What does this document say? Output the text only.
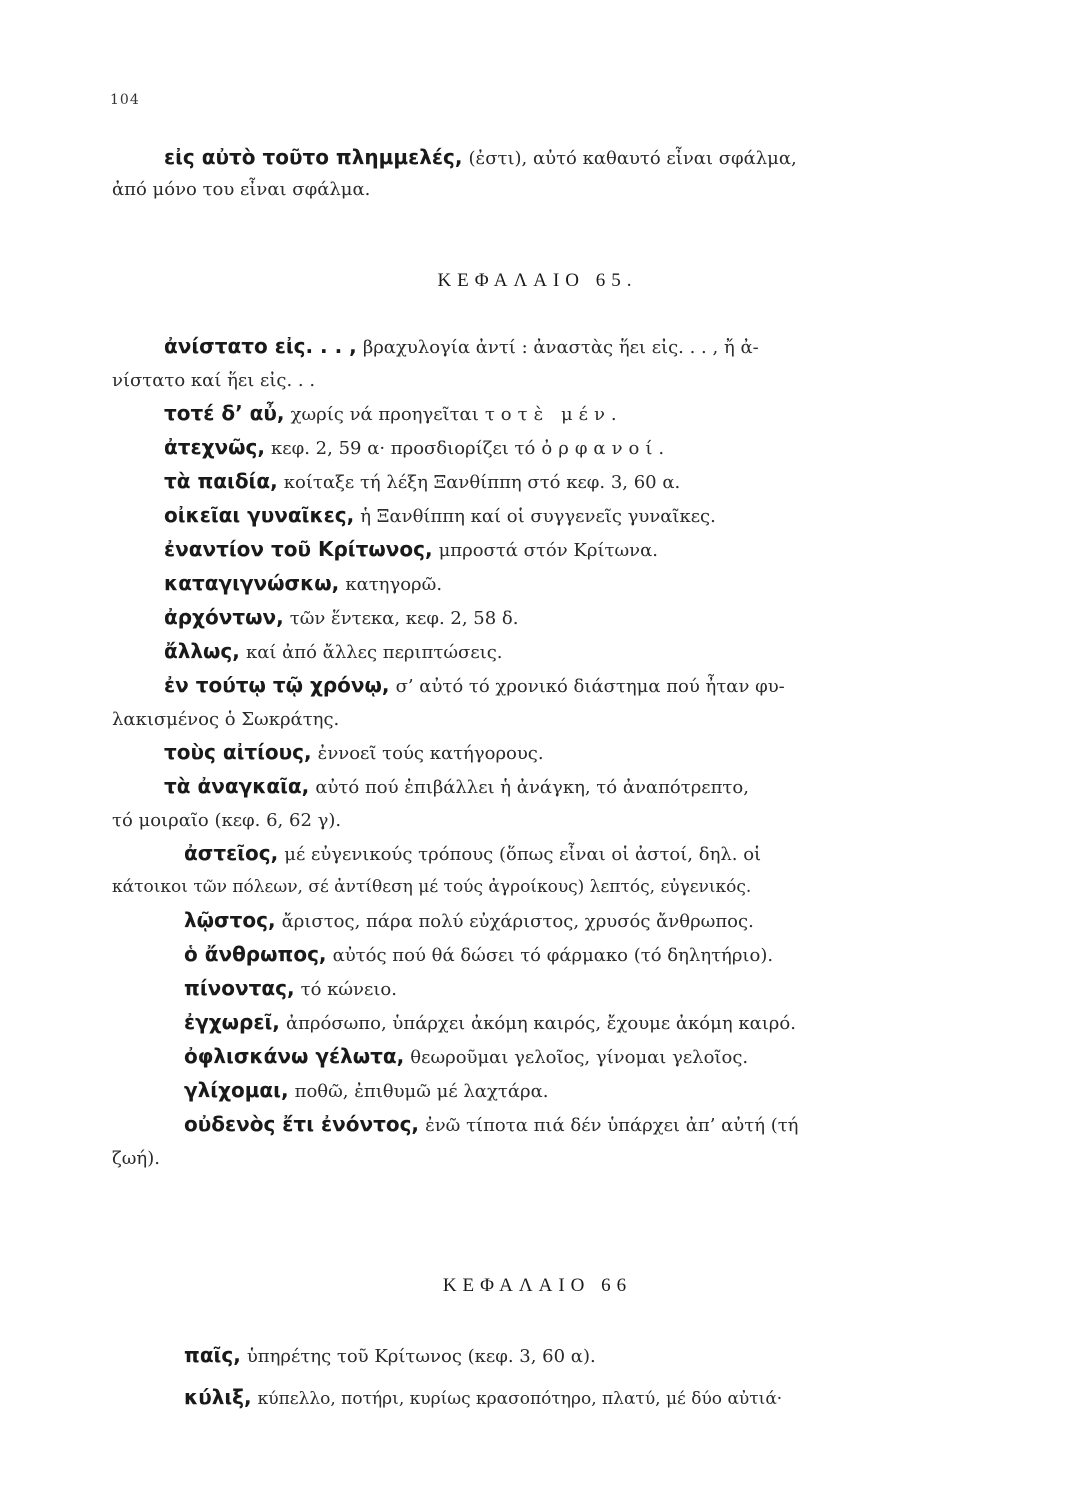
104
εἰς αὐτὸ τοῦτο πλημμελές, (ἐστι), αὐτό καθαυτό εἶναι σφάλμα,
ἀπό μόνο του εἶναι σφάλμα.
ΚΕΦΑΛΑΙΟ 65.
ἀνίστατο εἰς. . . , βραχυλογία ἀντί : ἀναστὰς ἥει εἰς. . . , ἤ ἀ-
νίστατο καί ἥει εἰς. . .
τοτέ δ’ αὖ, χωρίς νά προηγεῖται τοτὲ μέν.
ἀτεχνῶς, κεφ. 2, 59 α· προσδιορίζει τό ὀρφανοί.
τὰ παιδία, κοίταξε τή λέξη Ξανθίππη στό κεφ. 3, 60 α.
οἰκεῖαι γυναῖκες, ἡ Ξανθίππη καί οἱ συγγενεῖς γυναῖκες.
ἐναντίον τοῦ Κρίτωνος, μπροστά στόν Κρίτωνα.
καταγιγνώσκω, κατηγορῶ.
ἀρχόντων, τῶν ἕντεκα, κεφ. 2, 58 δ.
ἄλλως, καί ἀπό ἄλλες περιπτώσεις.
ἐν τούτῳ τῷ χρόνῳ, σ’ αὐτό τό χρονικό διάστημα πού ἦταν φυ-
λακισμένος ὁ Σωκράτης.
τοὺς αἰτίους, ἐννοεῖ τούς κατήγορους.
τὰ ἀναγκαῖα, αὐτό πού ἐπιβάλλει ἡ ἀνάγκη, τό ἀναπότρεπτο,
τό μοιραῖο (κεφ. 6, 62 γ).
ἀστεῖος, μέ εὐγενικούς τρόπους (ὅπως εἶναι οἱ ἀστοί, δηλ. οἱ
κάτοικοι τῶν πόλεων, σέ ἀντίθεση μέ τούς ἀγροίκους) λεπτός, εὐγενικός.
λῷστος, ἄριστος, πάρα πολύ εὐχάριστος, χρυσός ἄνθρωπος.
ὁ ἄνθρωπος, αὐτός πού θά δώσει τό φάρμακο (τό δηλητήριο).
πίνοντας, τό κώνειο.
ἐγχωρεῖ, ἀπρόσωπο, ὑπάρχει ἀκόμη καιρός, ἔχουμε ἀκόμη καιρό.
ὀφλισκάνω γέλωτα, θεωροῦμαι γελοῖος, γίνομαι γελοῖος.
γλίχομαι, ποθῶ, ἐπιθυμῶ μέ λαχτάρα.
οὐδενὸς ἔτι ἐνόντος, ἐνῶ τίποτα πιά δέν ὑπάρχει ἀπ’ αὐτή (τή
ζωή).
ΚΕΦΑΛΑΙΟ 66
παῖς, ὑπηρέτης τοῦ Κρίτωνος (κεφ. 3, 60 α).
κύλιξ, κύπελλο, ποτήρι, κυρίως κρασοπότηρο, πλατύ, μέ δύο αὐτιά·
